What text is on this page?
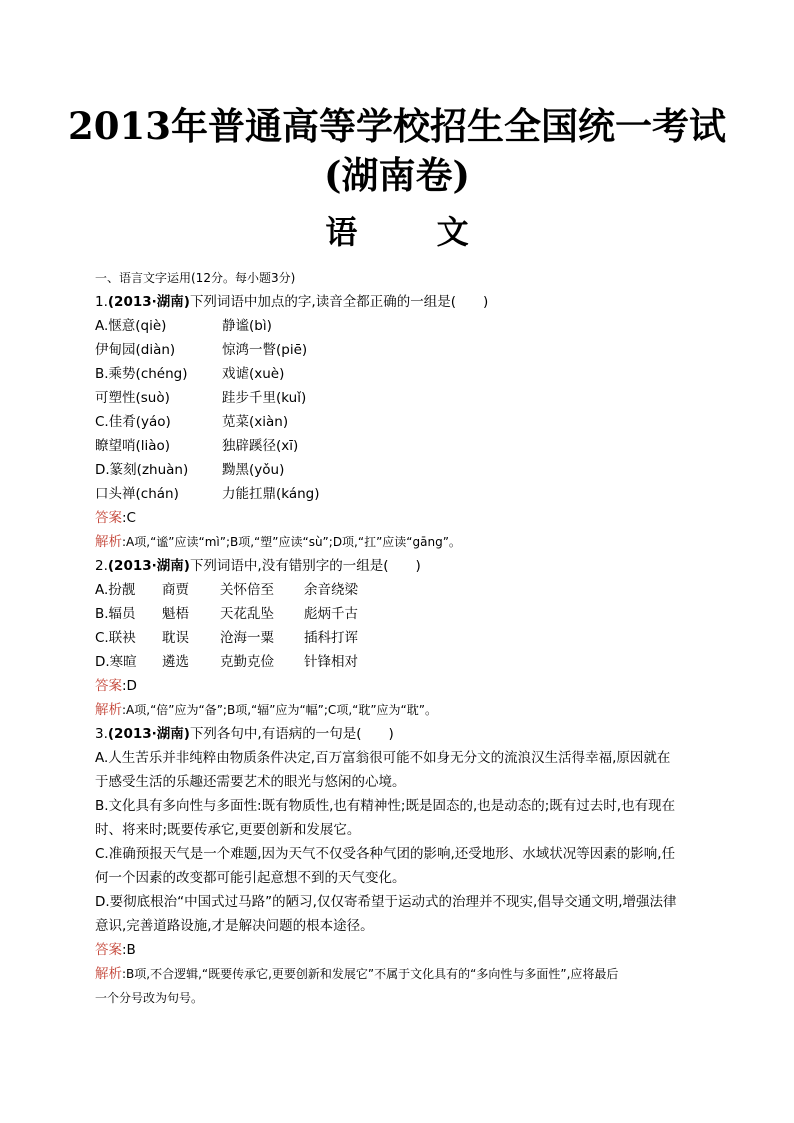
2013年普通高等学校招生全国统一考试
(湖南卷)
语 文
一、语言文字运用(12分。每小题3分)
1.(2013·湖南)下列词语中加点的字,读音全都正确的一组是(　　)
A.惬意(qiè)	静谧(bì)
伊甸园(diàn)	惊鸿一瞥(piē)
B.乘势(chéng)	戏谑(xuè)
可塑性(suò)	跬步千里(kuǐ)
C.佳肴(yáo)	苋菜(xiàn)
瞭望哨(liào)	独辟蹊径(xī)
D.篆刻(zhuàn)	黝黑(yǒu)
口头禅(chán)	力能扛鼎(káng)
答案:C
解析:A项,“谧”应读“mì”;B项,“塑”应读“sù”;D项,“扛”应读“gāng”。
2.(2013·湖南)下列词语中,没有错别字的一组是(　　)
A.扮靓	商贾	关怀倍至	余音绕梁
B.辐员	魁梧	天花乱坠	彪炳千古
C.联袂	耽误	沧海一粟	插科打诨
D.寒暄	遴选	克勤克俭	针锋相对
答案:D
解析:A项,“倍”应为“备”;B项,“辐”应为“幅”;C项,“耽”应为“耽”。
3.(2013·湖南)下列各句中,有语病的一句是(　　)
A.人生苦乐并非纯粹由物质条件决定,百万富翁很可能不如身无分文的流浪汉生活得幸福,原因就在
于感受生活的乐趣还需要艺术的眼光与悠闲的心境。
B.文化具有多向性与多面性:既有物质性,也有精神性;既是固态的,也是动态的;既有过去时,也有现在
时、将来时;既要传承它,更要创新和发展它。
C.准确预报天气是一个难题,因为天气不仅受各种气团的影响,还受地形、水域状况等因素的影响,任
何一个因素的改变都可能引起意想不到的天气变化。
D.要彻底根治“中国式过马路”的陋习,仅仅寄希望于运动式的治理并不现实,倡导交通文明,增强法律
意识,完善道路设施,才是解决问题的根本途径。
答案:B
解析:B项,不合逻辑,“既要传承它,更要创新和发展它”不属于文化具有的“多向性与多面性”,应将最后
一个分号改为句号。
